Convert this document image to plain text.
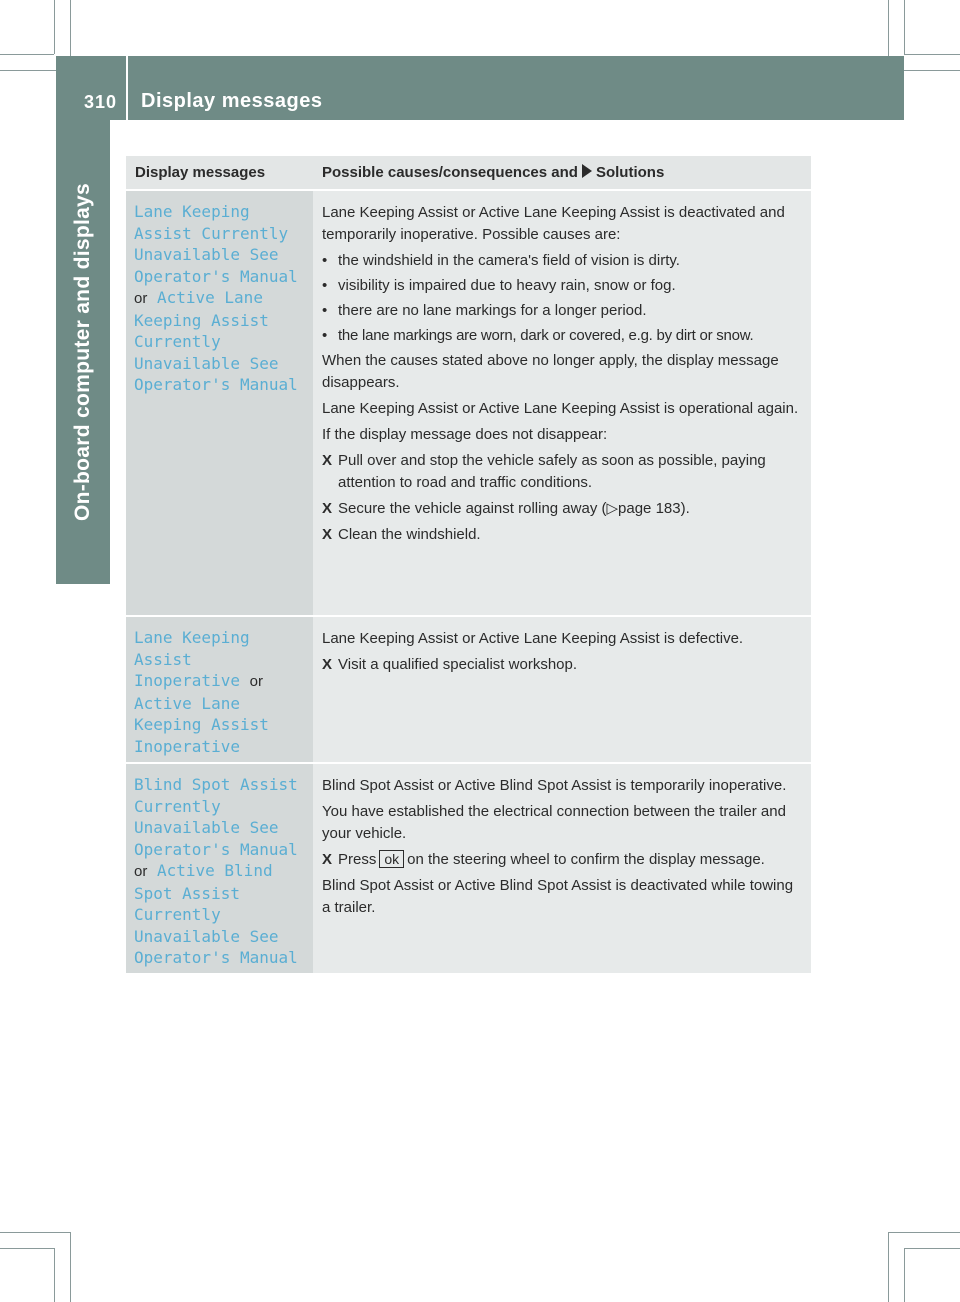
310	Display messages
On-board computer and displays
Display messages	Possible causes/consequences and Solutions
Lane Keeping
Assist Currently
Unavailable See
Operator's Manual
or Active Lane
Keeping Assist
Currently
Unavailable See
Operator's Manual

Lane Keeping Assist or Active Lane Keeping Assist is deactivated and temporarily inoperative. Possible causes are:

• the windshield in the camera's field of vision is dirty.
• visibility is impaired due to heavy rain, snow or fog.
• there are no lane markings for a longer period.
• the lane markings are worn, dark or covered, e.g. by dirt or snow.

When the causes stated above no longer apply, the display message disappears.

Lane Keeping Assist or Active Lane Keeping Assist is operational again.

If the display message does not disappear:

X Pull over and stop the vehicle safely as soon as possible, paying attention to road and traffic conditions.
X Secure the vehicle against rolling away (▷page 183).
X Clean the windshield.
Lane Keeping
Assist
Inoperative or
Active Lane
Keeping Assist
Inoperative

Lane Keeping Assist or Active Lane Keeping Assist is defective.

X Visit a qualified specialist workshop.
Blind Spot Assist
Currently
Unavailable See
Operator's Manual
or Active Blind
Spot Assist
Currently
Unavailable See
Operator's Manual

Blind Spot Assist or Active Blind Spot Assist is temporarily inoperative.

You have established the electrical connection between the trailer and your vehicle.

X Press ok on the steering wheel to confirm the display message.

Blind Spot Assist or Active Blind Spot Assist is deactivated while towing a trailer.
